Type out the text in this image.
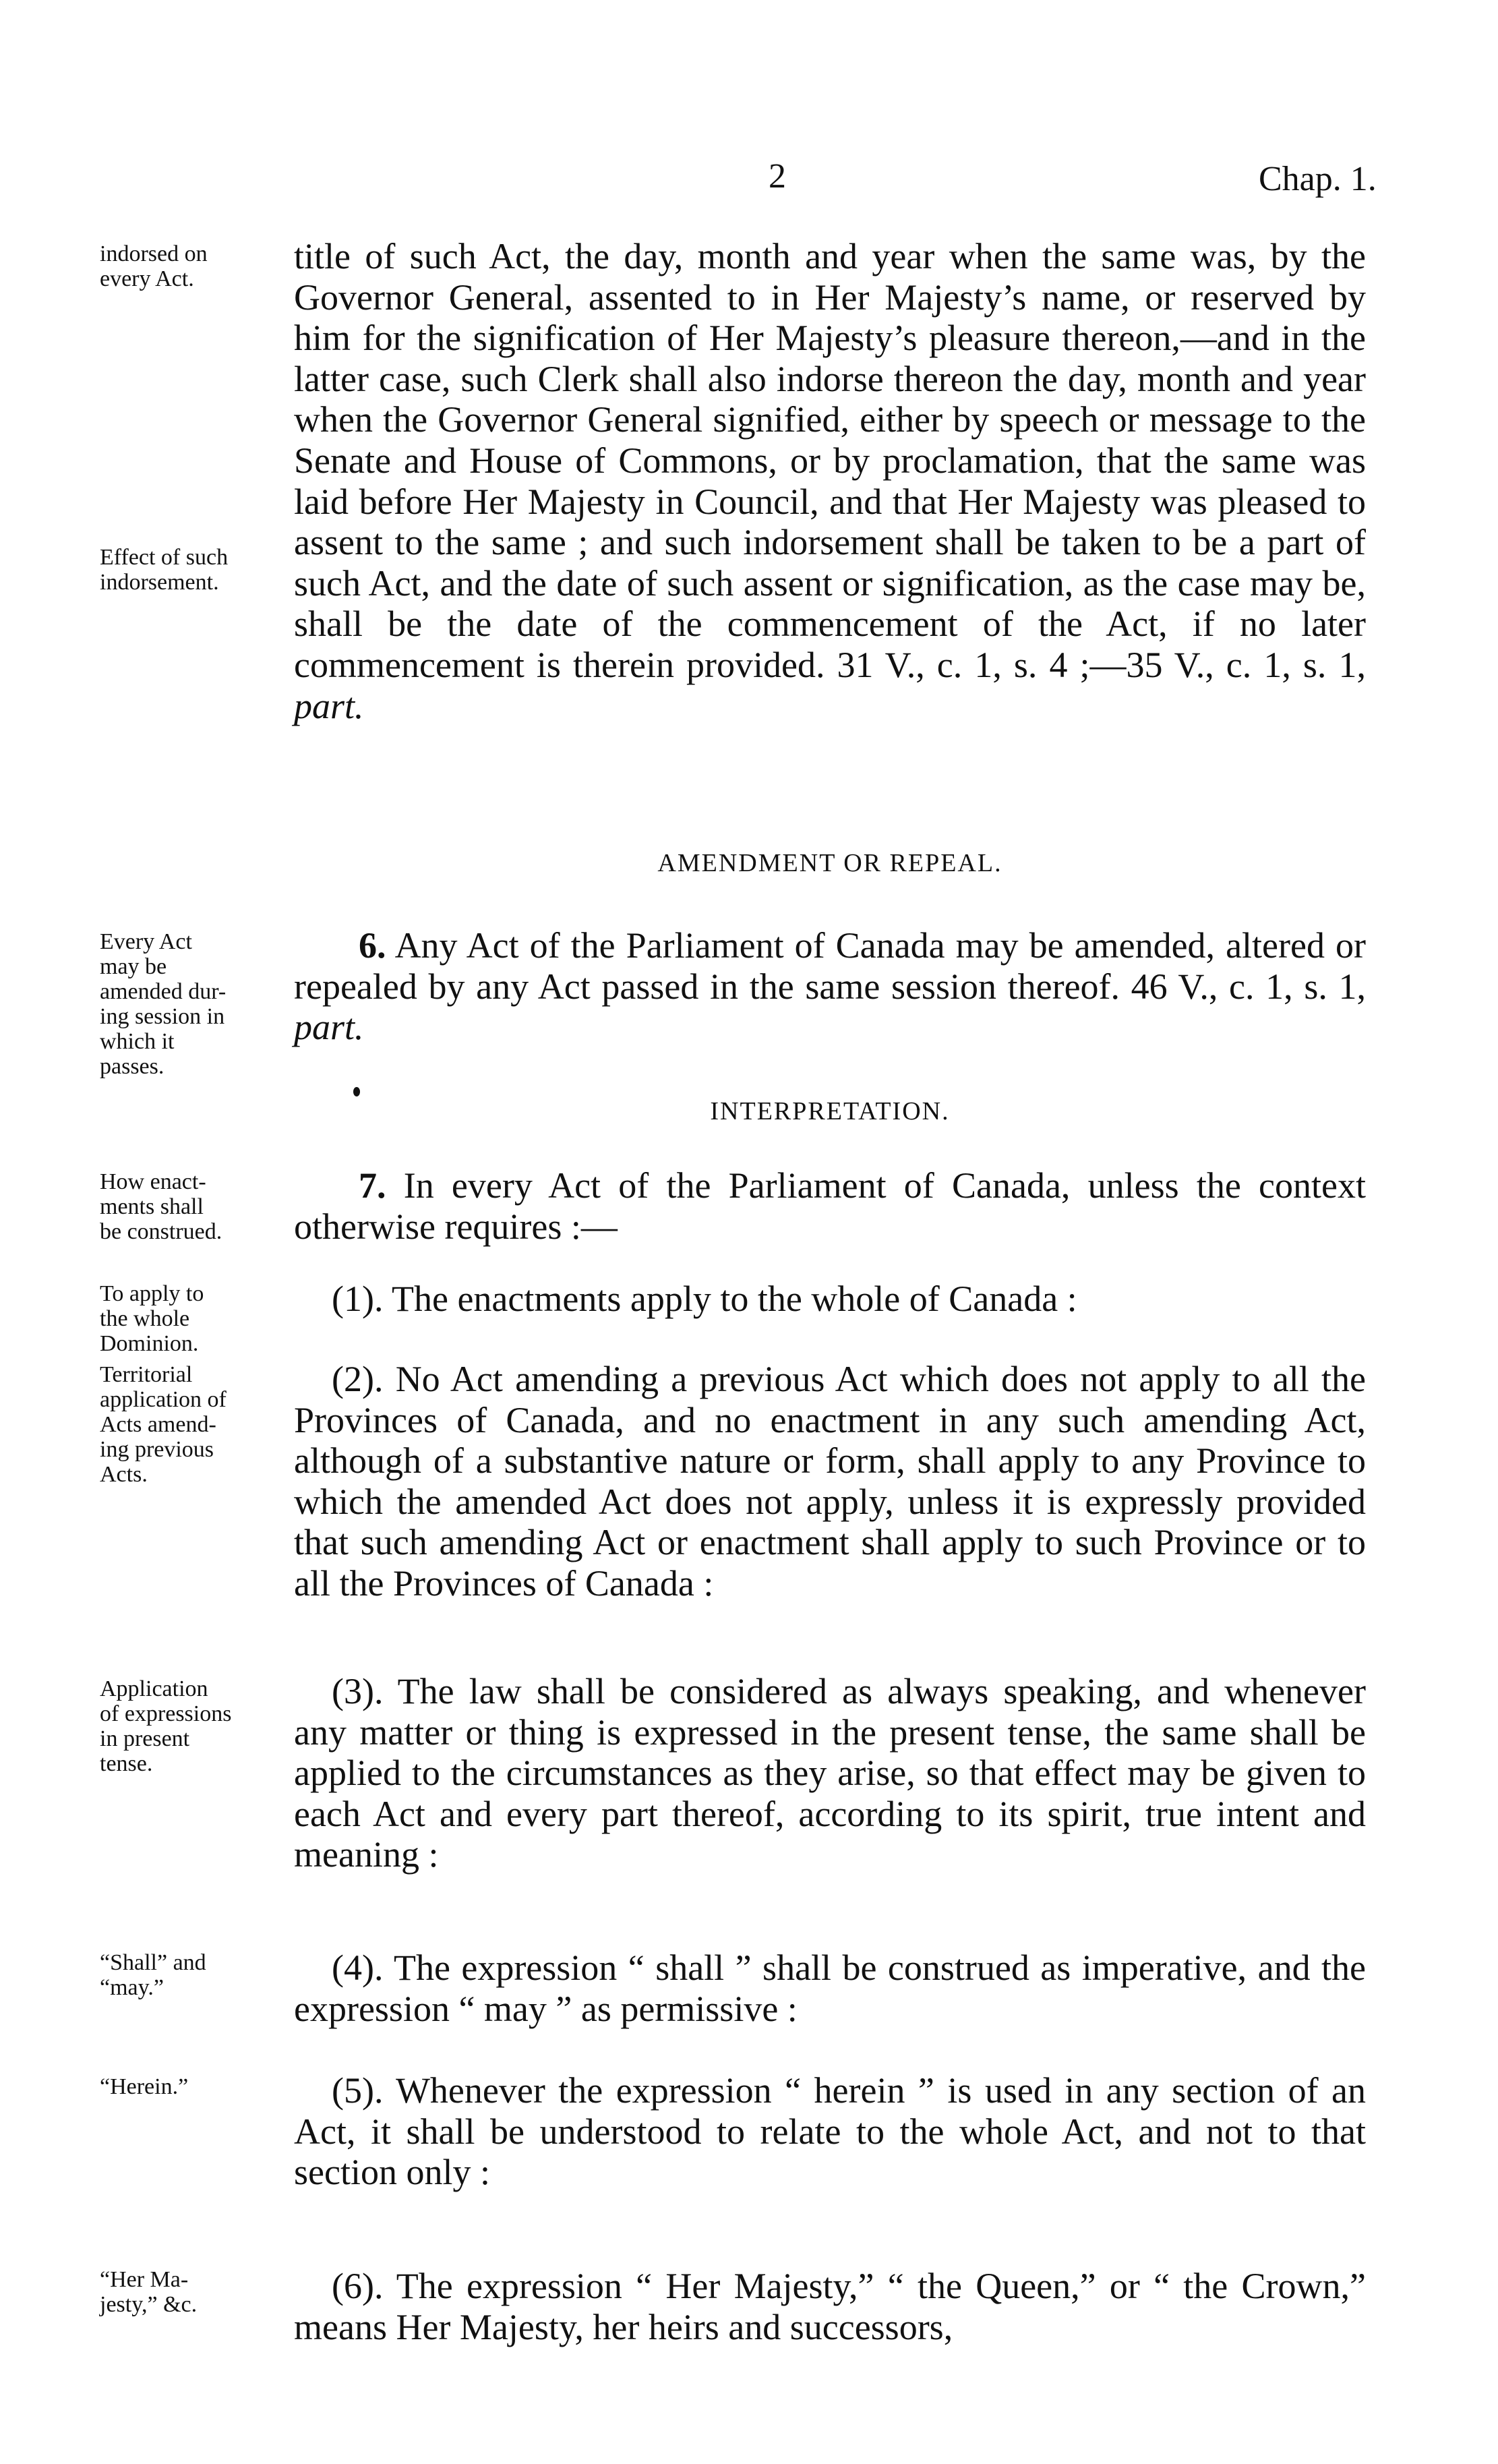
2	Chap. 1.
indorsed on
every Act.
Effect of such
indorsement.
Every Act
may be
amended dur-
ing session in
which it
passes.
How enact-
ments shall
be construed.
To apply to
the whole
Dominion.
Territorial
application of
Acts amend-
ing previous
Acts.
Application
of expressions
in present
tense.
“Shall” and
“may.”
“Herein.”
“Her Ma-
jesty,” &c.

title of such Act, the day, month and year when the same was, by the Governor General, assented to in Her Majesty’s name, or reserved by him for the signification of Her Majesty’s pleasure thereon,—and in the latter case, such Clerk shall also indorse thereon the day, month and year when the Governor General signified, either by speech or message to the Senate and House of Commons, or by proclamation, that the same was laid before Her Majesty in Council, and that Her Majesty was pleased to assent to the same ; and such indorsement shall be taken to be a part of such Act, and the date of such assent or signification, as the case may be, shall be the date of the commencement of the Act, if no later commencement is therein provided. 31 V., c. 1, s. 4 ;—35 V., c. 1, s. 1, part.

AMENDMENT OR REPEAL.

6. Any Act of the Parliament of Canada may be amended, altered or repealed by any Act passed in the same session thereof. 46 V., c. 1, s. 1, part.

INTERPRETATION.

7. In every Act of the Parliament of Canada, unless the context otherwise requires :—

(1). The enactments apply to the whole of Canada :

(2). No Act amending a previous Act which does not apply to all the Provinces of Canada, and no enactment in any such amending Act, although of a substantive nature or form, shall apply to any Province to which the amended Act does not apply, unless it is expressly provided that such amending Act or enactment shall apply to such Province or to all the Provinces of Canada :

(3). The law shall be considered as always speaking, and whenever any matter or thing is expressed in the present tense, the same shall be applied to the circumstances as they arise, so that effect may be given to each Act and every part thereof, according to its spirit, true intent and meaning :

(4). The expression “ shall ” shall be construed as imperative, and the expression “ may ” as permissive :

(5). Whenever the expression “ herein ” is used in any section of an Act, it shall be understood to relate to the whole Act, and not to that section only :

(6). The expression “ Her Majesty,” “ the Queen,” or “ the Crown,” means Her Majesty, her heirs and successors,
